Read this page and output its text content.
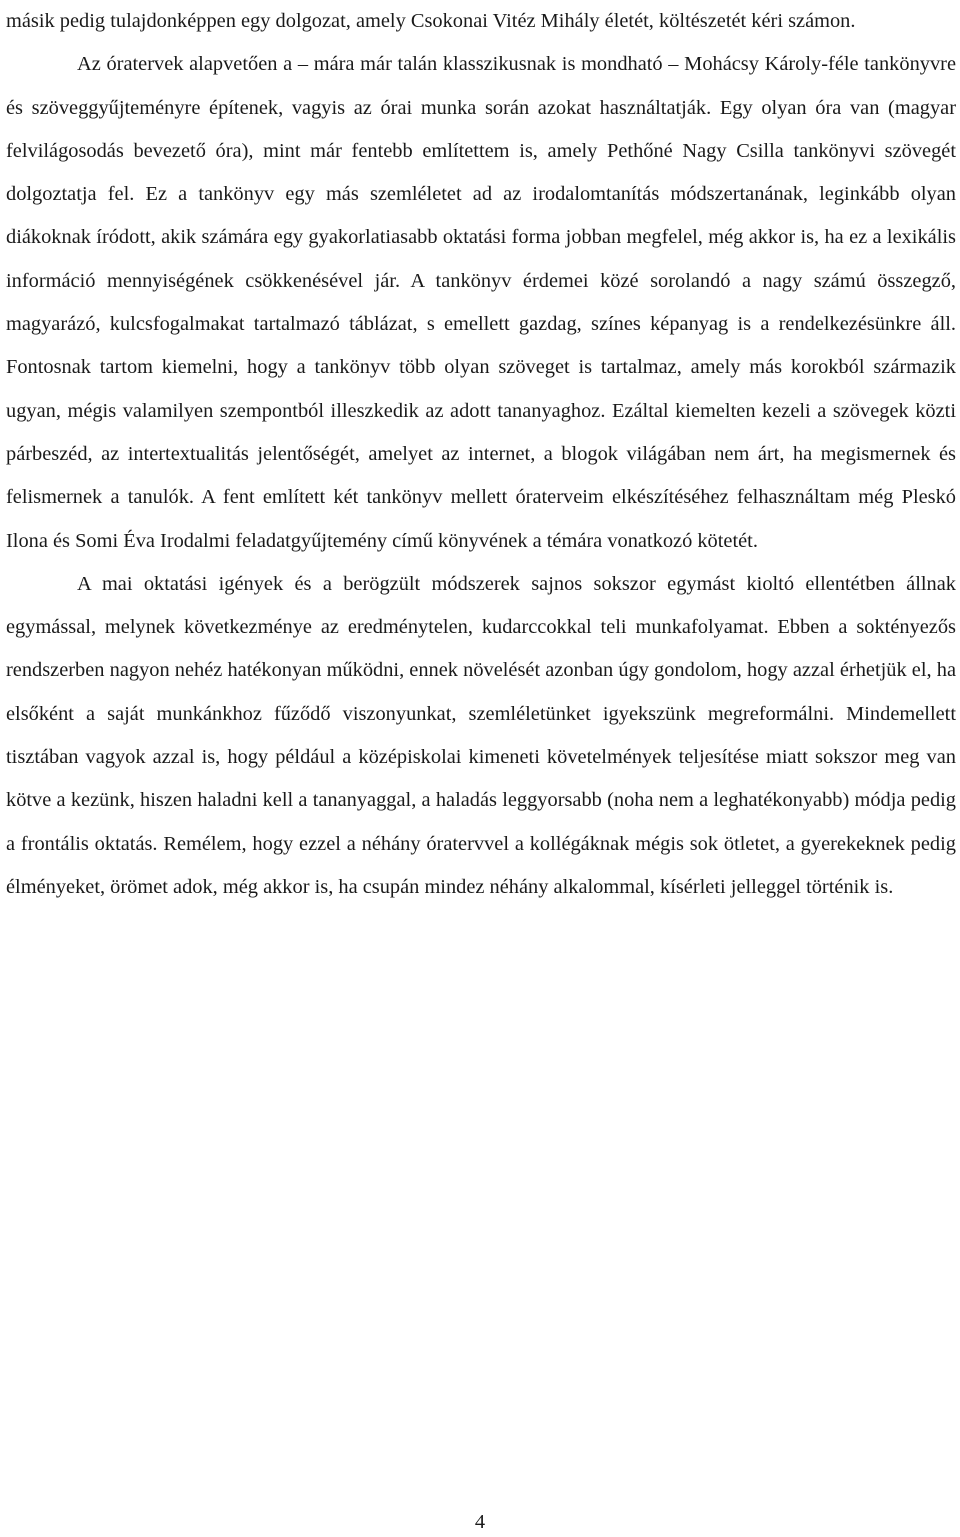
másik pedig tulajdonképpen egy dolgozat, amely Csokonai Vitéz Mihály életét, költészetét kéri számon.

Az óratervek alapvetően a – mára már talán klasszikusnak is mondható – Mohácsy Károly-féle tankönyvre és szöveggyűjteményre építenek, vagyis az órai munka során azokat használtatják. Egy olyan óra van (magyar felvilágosodás bevezető óra), mint már fentebb említettem is, amely Pethőné Nagy Csilla tankönyvi szövegét dolgoztatja fel. Ez a tankönyv egy más szemléletet ad az irodalomtanítás módszertanának, leginkább olyan diákoknak íródott, akik számára egy gyakorlatiasabb oktatási forma jobban megfelel, még akkor is, ha ez a lexikális információ mennyiségének csökkenésével jár. A tankönyv érdemei közé sorolandó a nagy számú összegző, magyarázó, kulcsfogalmakat tartalmazó táblázat, s emellett gazdag, színes képanyag is a rendelkezésünkre áll. Fontosnak tartom kiemelni, hogy a tankönyv több olyan szöveget is tartalmaz, amely más korokból származik ugyan, mégis valamilyen szempontból illeszkedik az adott tananyaghoz. Ezáltal kiemelten kezeli a szövegek közti párbeszéd, az intertextualitás jelentőségét, amelyet az internet, a blogok világában nem árt, ha megismernek és felismernek a tanulók. A fent említett két tankönyv mellett óraterveim elkészítéséhez felhasználtam még Pleskó Ilona és Somi Éva Irodalmi feladatgyűjtemény című könyvének a témára vonatkozó kötetét.

A mai oktatási igények és a berögzült módszerek sajnos sokszor egymást kioltó ellentétben állnak egymással, melynek következménye az eredménytelen, kudarccokkal teli munkafolyamat. Ebben a soktényezős rendszerben nagyon nehéz hatékonyan működni, ennek növelését azonban úgy gondolom, hogy azzal érhetjük el, ha elsőként a saját munkánkhoz fűződő viszonyunkat, szemléletünket igyekszünk megreformálni. Mindemellett tisztában vagyok azzal is, hogy például a középiskolai kimeneti követelmények teljesítése miatt sokszor meg van kötve a kezünk, hiszen haladni kell a tananyaggal, a haladás leggyorsabb (noha nem a leghatékonyabb) módja pedig a frontális oktatás. Remélem, hogy ezzel a néhány óratervvel a kollégáknak mégis sok ötletet, a gyerekeknek pedig élményeket, örömet adok, még akkor is, ha csupán mindez néhány alkalommal, kísérleti jelleggel történik is.

4
